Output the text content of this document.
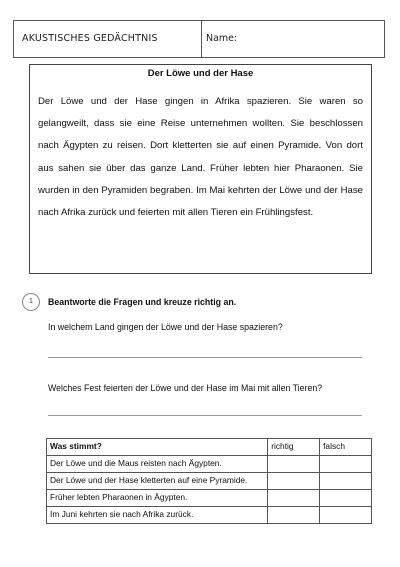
AKUSTISCHES GEDÄCHTNIS	Name:
Der Löwe und der Hase

Der Löwe und der Hase gingen in Afrika spazieren. Sie waren so gelangweilt, dass sie eine Reise unternehmen wollten. Sie beschlossen nach Ägypten zu reisen. Dort kletterten sie auf einen Pyramide. Von dort aus sahen sie über das ganze Land. Früher lebten hier Pharaonen. Sie wurden in den Pyramiden begraben. Im Mai kehrten der Löwe und der Hase nach Afrika zurück und feierten mit allen Tieren ein Frühlingsfest.

1	Beantworte die Fragen und kreuze richtig an.
In welchem Land gingen der Löwe und der Hase spazieren?
Welches Fest feierten der Löwe und der Hase im Mai mit allen Tieren?
Was stimmt?	richtig	falsch
Der Löwe und die Maus reisten nach Ägypten.		
Der Löwe und der Hase kletterten auf eine Pyramide.		
Früher lebten Pharaonen in Ägypten.		
Im Juni kehrten sie nach Afrika zurück.		
